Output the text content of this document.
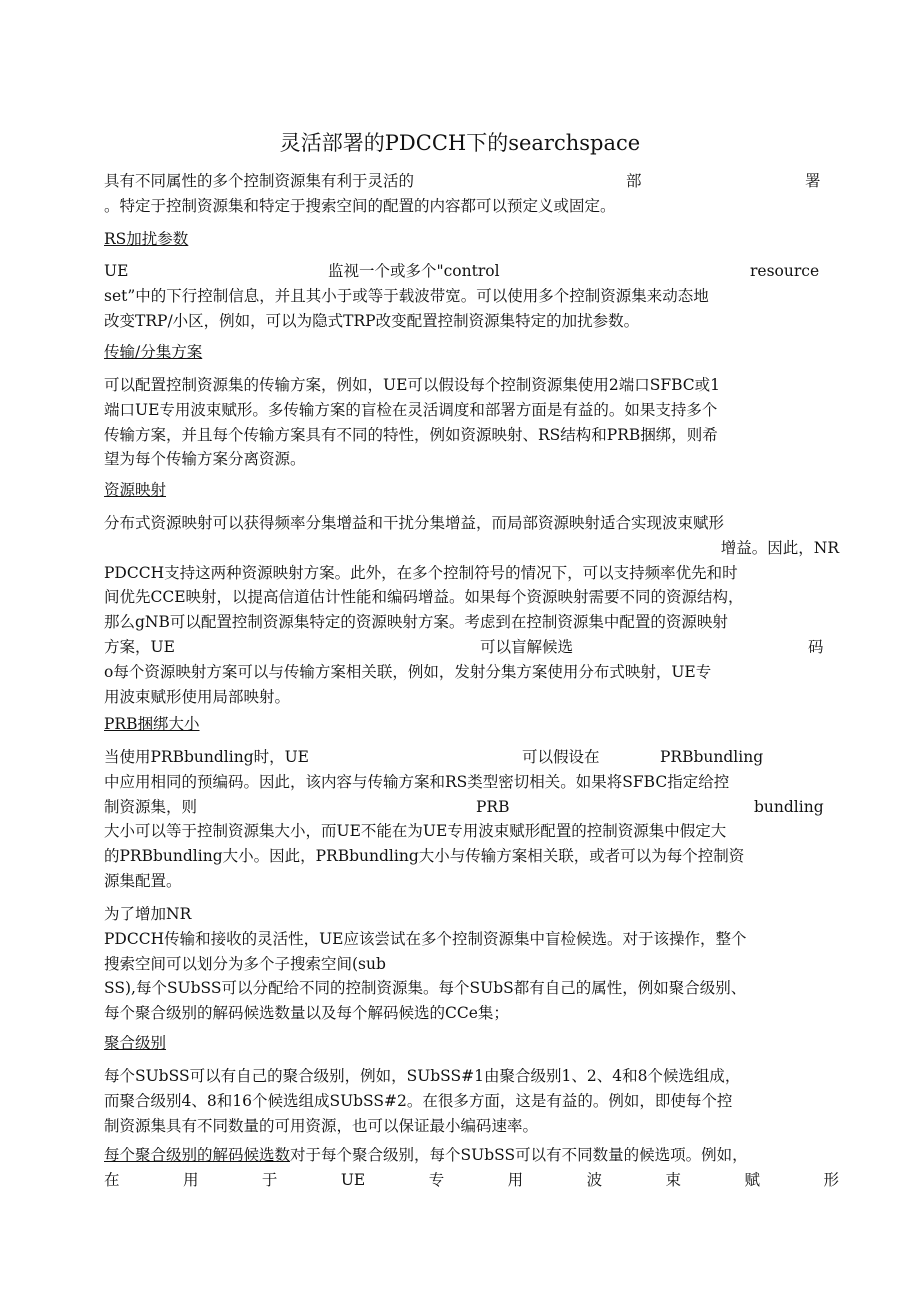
灵活部署的PDCCH下的searchspace
具有不同属性的多个控制资源集有利于灵活的	部	署
。特定于控制资源集和特定于搜索空间的配置的内容都可以预定义或固定。
RS加扰参数
UE	监视一个或多个"control	resource
set”中的下行控制信息，并且其小于或等于载波带宽。可以使用多个控制资源集来动态地
改变TRP/小区，例如，可以为隐式TRP改变配置控制资源集特定的加扰参数。
传输/分集方案
可以配置控制资源集的传输方案，例如，UE可以假设每个控制资源集使用2端口SFBC或1
端口UE专用波束赋形。多传输方案的盲检在灵活调度和部署方面是有益的。如果支持多个
传输方案，并且每个传输方案具有不同的特性，例如资源映射、RS结构和PRB捆绑，则希
望为每个传输方案分离资源。
资源映射
分布式资源映射可以获得频率分集增益和干扰分集增益，而局部资源映射适合实现波束赋形
增益。因此，NR
PDCCH支持这两种资源映射方案。此外，在多个控制符号的情况下，可以支持频率优先和时
间优先CCE映射，以提高信道估计性能和编码增益。如果每个资源映射需要不同的资源结构，
那么gNB可以配置控制资源集特定的资源映射方案。考虑到在控制资源集中配置的资源映射
方案，UE	可以盲解候选	码
o每个资源映射方案可以与传输方案相关联，例如，发射分集方案使用分布式映射，UE专
用波束赋形使用局部映射。
PRB捆绑大小
当使用PRBbundling时，UE	可以假设在	PRBbundling
中应用相同的预编码。因此，该内容与传输方案和RS类型密切相关。如果将SFBC指定给控
制资源集，则	PRB	bundling
大小可以等于控制资源集大小，而UE不能在为UE专用波束赋形配置的控制资源集中假定大
的PRBbundling大小。因此，PRBbundling大小与传输方案相关联，或者可以为每个控制资
源集配置。
为了增加NR
PDCCH传输和接收的灵活性，UE应该尝试在多个控制资源集中盲检候选。对于该操作，整个
搜索空间可以划分为多个子搜索空间(sub
SS),每个SUbSS可以分配给不同的控制资源集。每个SUbS都有自己的属性，例如聚合级别、
每个聚合级别的解码候选数量以及每个解码候选的CCe集；
聚合级别
每个SUbSS可以有自己的聚合级别，例如，SUbSS#1由聚合级别1、2、4和8个候选组成，
而聚合级别4、8和16个候选组成SUbSS#2。在很多方面，这是有益的。例如，即使每个控
制资源集具有不同数量的可用资源，也可以保证最小编码速率。
每个聚合级别的解码候选数对于每个聚合级别，每个SUbSS可以有不同数量的候选项。例如，
在	用	于	UE	专	用	波	束	赋	形
